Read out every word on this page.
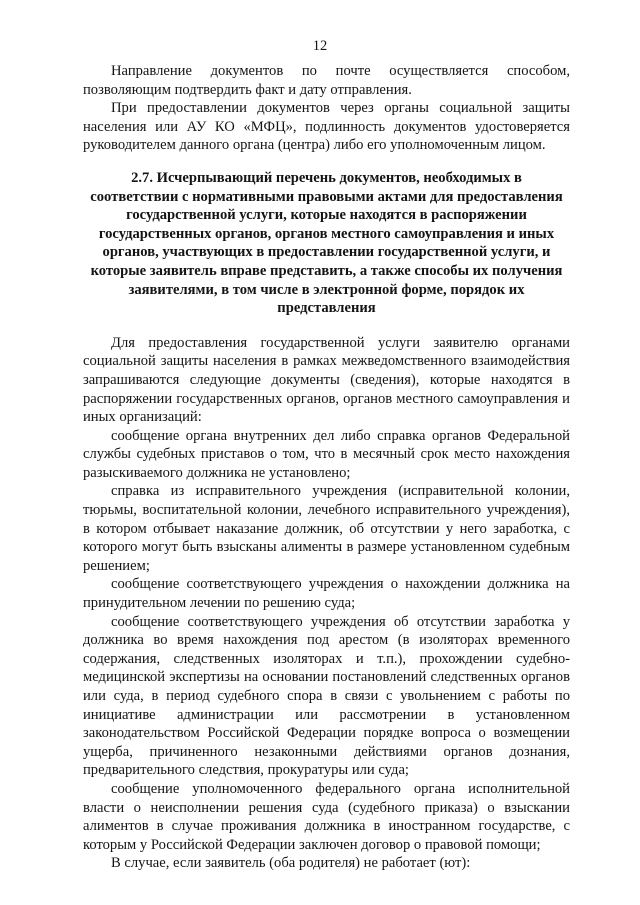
12

Направление документов по почте осуществляется способом, позволяющим подтвердить факт и дату отправления.

При предоставлении документов через органы социальной защиты населения или АУ КО «МФЦ», подлинность документов удостоверяется руководителем данного органа (центра) либо его уполномоченным лицом.

2.7. Исчерпывающий перечень документов, необходимых в соответствии с нормативными правовыми актами для предоставления государственной услуги, которые находятся в распоряжении государственных органов, органов местного самоуправления и иных органов, участвующих в предоставлении государственной услуги, и которые заявитель вправе представить, а также способы их получения заявителями, в том числе в электронной форме, порядок их представления

Для предоставления государственной услуги заявителю органами социальной защиты населения в рамках межведомственного взаимодействия запрашиваются следующие документы (сведения), которые находятся в распоряжении государственных органов, органов местного самоуправления и иных организаций:

сообщение органа внутренних дел либо справка органов Федеральной службы судебных приставов о том, что в месячный срок место нахождения разыскиваемого должника не установлено;

справка из исправительного учреждения (исправительной колонии, тюрьмы, воспитательной колонии, лечебного исправительного учреждения), в котором отбывает наказание должник, об отсутствии у него заработка, с которого могут быть взысканы алименты в размере установленном судебным решением;

сообщение соответствующего учреждения о нахождении должника на принудительном лечении по решению суда;

сообщение соответствующего учреждения об отсутствии заработка у должника во время нахождения под арестом (в изоляторах временного содержания, следственных изоляторах и т.п.), прохождении судебно-медицинской экспертизы на основании постановлений следственных органов или суда, в период судебного спора в связи с увольнением с работы по инициативе администрации или рассмотрении в установленном законодательством Российской Федерации порядке вопроса о возмещении ущерба, причиненного незаконными действиями органов дознания, предварительного следствия, прокуратуры или суда;

сообщение уполномоченного федерального органа исполнительной власти о неисполнении решения суда (судебного приказа) о взыскании алиментов в случае проживания должника в иностранном государстве, с которым у Российской Федерации заключен договор о правовой помощи;

В случае, если заявитель (оба родителя) не работает (ют):
